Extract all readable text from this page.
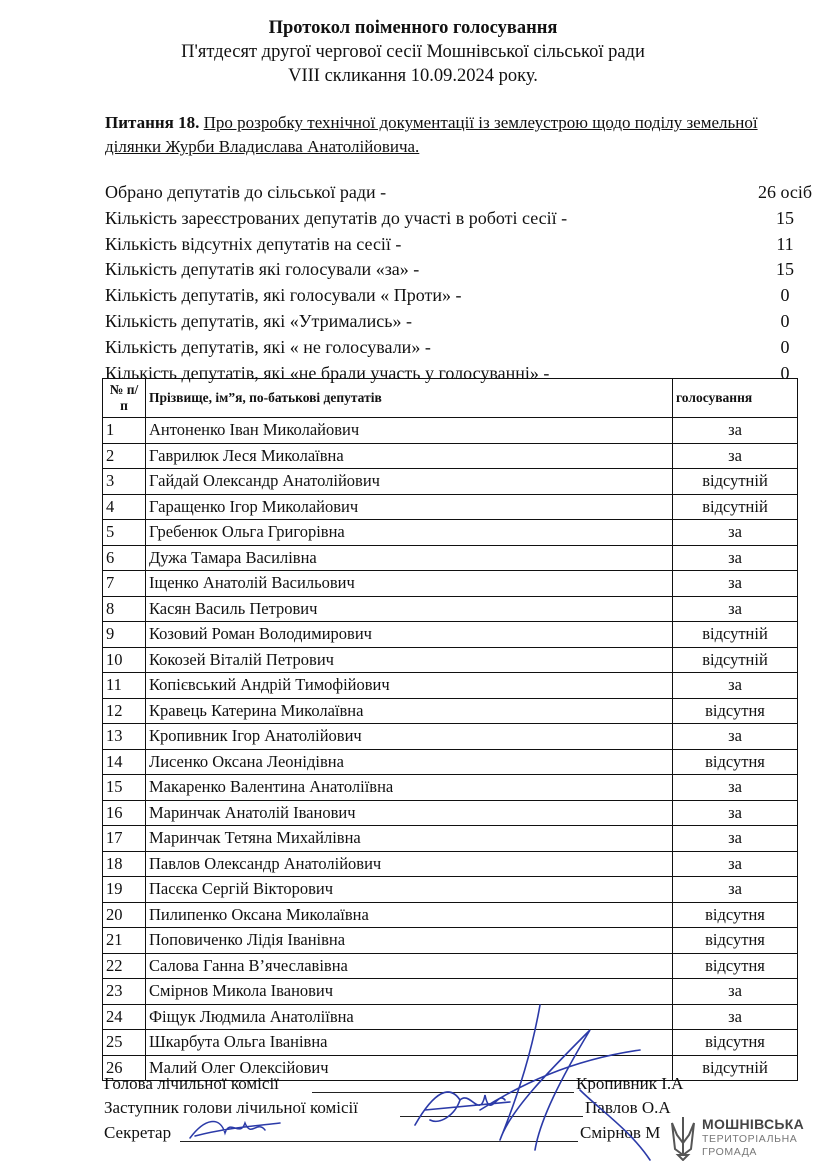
Протокол поіменного голосування
П'ятдесят другої чергової сесії Мошнівської сільської ради
VIII скликання 10.09.2024 року.
Питання 18. Про розробку технічної документації із землеустрою щодо поділу земельної ділянки Журби Владислава Анатолійовича.
Обрано депутатів до сільської ради -	26 осіб
Кількість зареєстрованих депутатів до участі в роботі сесії -	15
Кількість відсутніх депутатів на сесії -	11
Кількість депутатів які голосували «за» -	15
Кількість депутатів, які голосували « Проти» -	0
Кількість депутатів, які «Утримались» -	0
Кількість депутатів, які « не голосували» -	0
Кількість депутатів, які «не брали участь у голосуванні» -	0
№ п/п	Прізвище, ім”я, по-батькові депутатів	голосування
1	Антоненко Іван Миколайович	за
2	Гаврилюк Леся Миколаївна	за
3	Гайдай Олександр Анатолійович	відсутній
4	Гаращенко Ігор Миколайович	відсутній
5	Гребенюк Ольга Григорівна	за
6	Дужа Тамара Василівна	за
7	Іщенко Анатолій Васильович	за
8	Касян Василь Петрович	за
9	Козовий Роман Володимирович	відсутній
10	Кокозей Віталій Петрович	відсутній
11	Копієвський Андрій Тимофійович	за
12	Кравець Катерина Миколаївна	відсутня
13	Кропивник Ігор Анатолійович	за
14	Лисенко Оксана Леонідівна	відсутня
15	Макаренко Валентина Анатоліївна	за
16	Маринчак Анатолій Іванович	за
17	Маринчак Тетяна Михайлівна	за
18	Павлов Олександр Анатолійович	за
19	Пасєка Сергій Вікторович	за
20	Пилипенко Оксана Миколаївна	відсутня
21	Поповиченко Лідія Іванівна	відсутня
22	Салова Ганна В’ячеславівна	відсутня
23	Смірнов Микола Іванович	за
24	Фіщук Людмила Анатоліївна	за
25	Шкарбута Ольга Іванівна	відсутня
26	Малий Олег Олексійович	відсутній
Голова лічильної комісії	Кропивник І.А
Заступник голови лічильної комісії	Павлов О.А
Секретар	Смірнов М	МОШНІВСЬКА
ТЕРИТОРІАЛЬНА
ГРОМАДА
